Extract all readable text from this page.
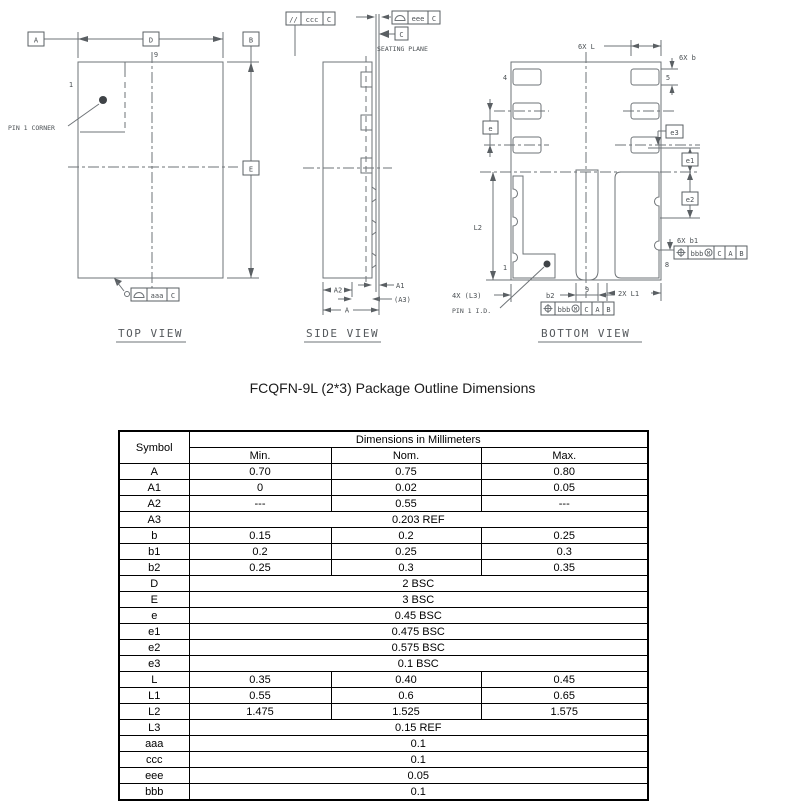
PIN 1 CORNER
1
9
A	D	B
E
aaa C
TOP VIEW
// ccc C	eee C
C
SEATING PLANE
A2
A1
(A3)
A
SIDE VIEW
6X L
6X b
4	5
1	8
e	e3
e1
e2
L2
6X b1
bbb M C A B
4X (L3)
PIN 1 I.D.
b2
9
bbb M C A B
2X L1
BOTTOM VIEW
FCQFN-9L (2*3) Package Outline Dimensions
Symbol	Dimensions in Millimeters		
	Min.	Nom.	Max.
A	0.70	0.75	0.80
A1	0	0.02	0.05
A2	---	0.55	---
A3	0.203 REF		
b	0.15	0.2	0.25
b1	0.2	0.25	0.3
b2	0.25	0.3	0.35
D	2 BSC		
E	3 BSC		
e	0.45 BSC		
e1	0.475 BSC		
e2	0.575 BSC		
e3	0.1 BSC		
L	0.35	0.40	0.45
L1	0.55	0.6	0.65
L2	1.475	1.525	1.575
L3	0.15 REF		
aaa	0.1		
ccc	0.1		
eee	0.05		
bbb	0.1		
